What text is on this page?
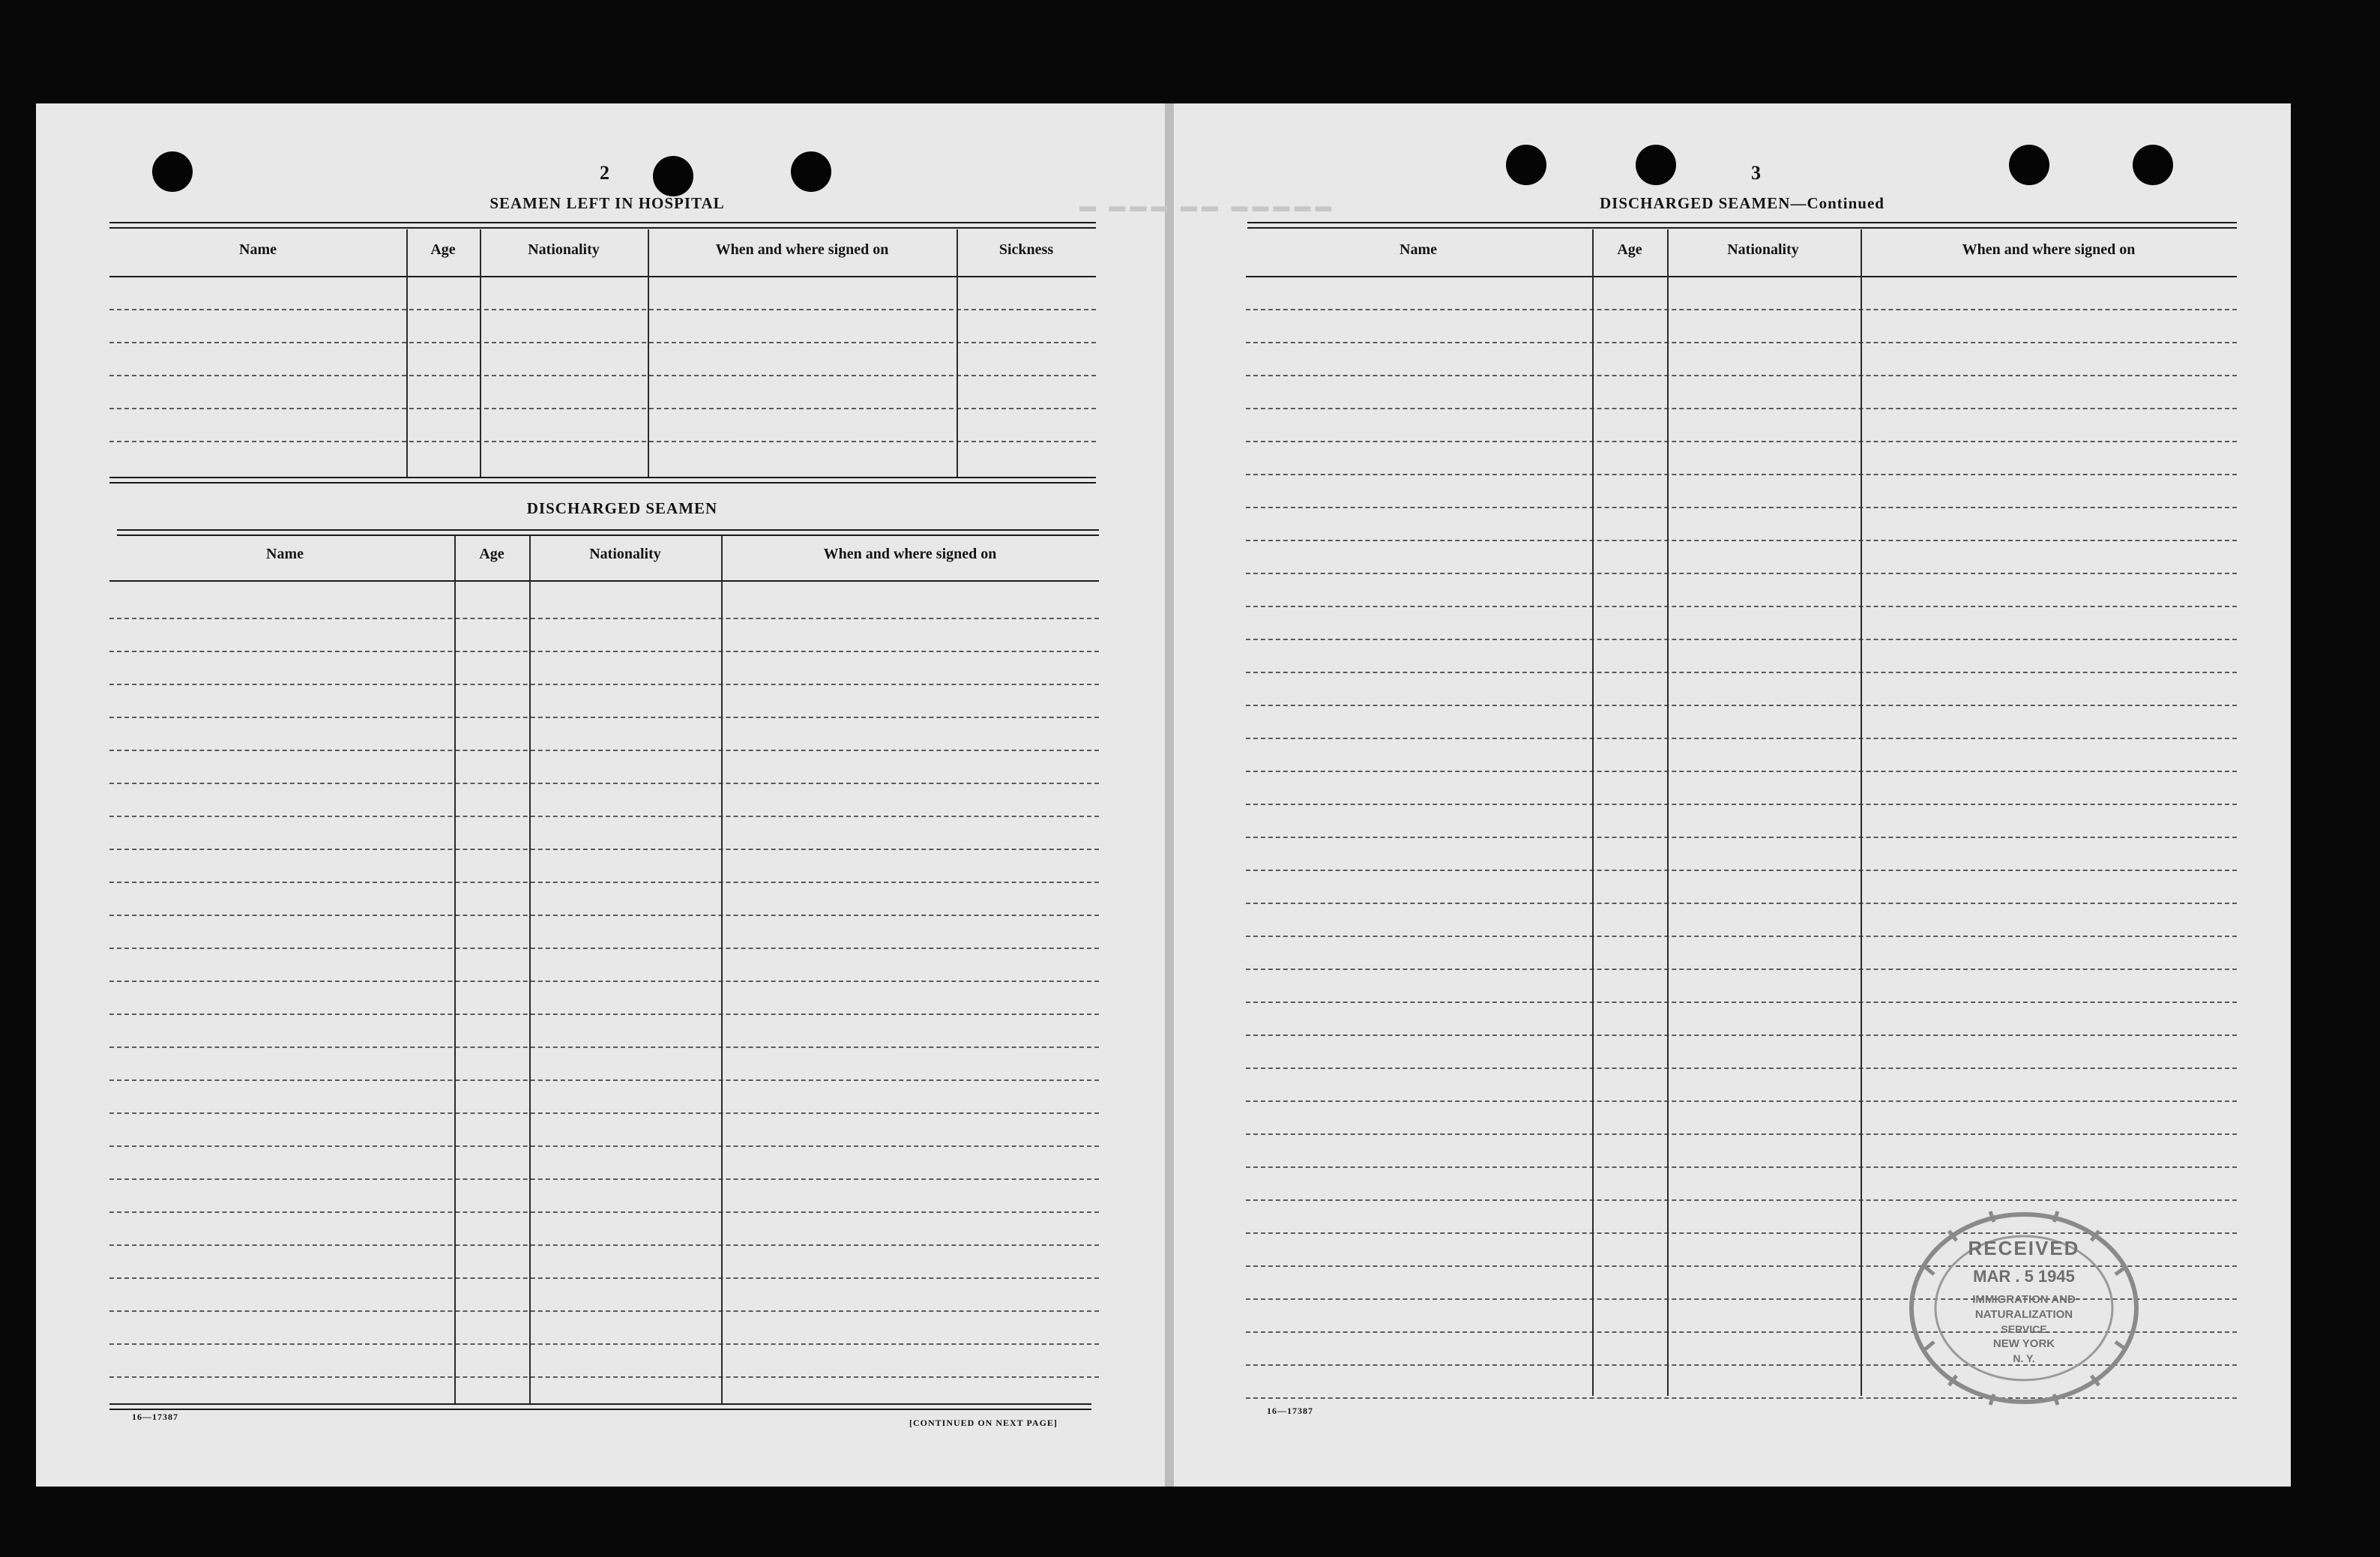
▬ ▬▬▬ ▬▬ ▬▬▬▬▬
2
SEAMEN LEFT IN HOSPITAL
Name	Age	Nationality	When and where signed on	Sickness
DISCHARGED SEAMEN
Name	Age	Nationality	When and where signed on
16—17387
[CONTINUED ON NEXT PAGE]
3
DISCHARGED SEAMEN—Continued
Name	Age	Nationality	When and where signed on
16—17387
RECEIVED
MAR . 5 1945
IMMIGRATION AND
NATURALIZATION
SERVICE
NEW YORK
N. Y.
